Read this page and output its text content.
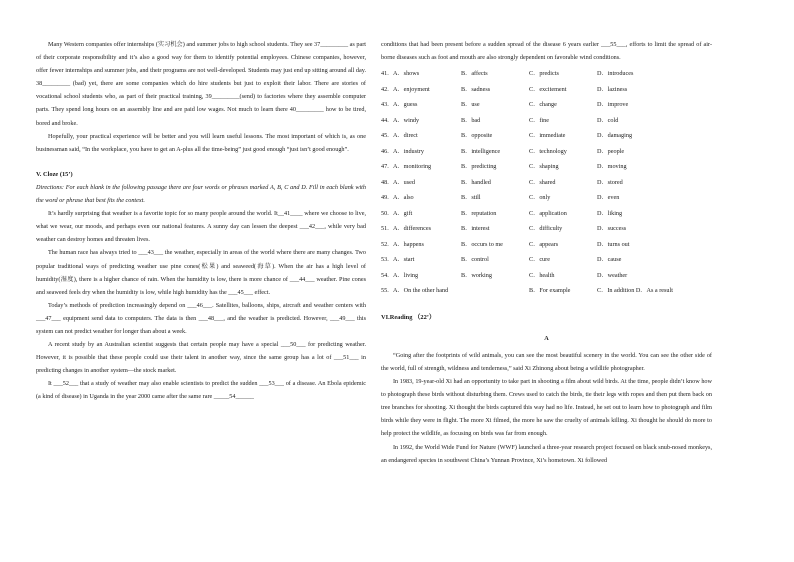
Many Western companies offer internships (实习机会) and summer jobs to high school students. They see 37_________ as part of their corporate responsibility and it’s also a good way for them to identify potential employees. Chinese companies, however, offer fewer internships and summer jobs, and their programs are not well-developed. Students may just end up sitting around all day. 38_________ (bad) yet, there are some companies which do hire students but just to exploit their labor. There are stories of vocational school students who, as part of their practical training, 39_________(send) to factories where they assemble computer parts. They spend long hours on an assembly line and are paid low wages. Not much to learn there 40_________ how to be tired, bored and broke.

Hopefully, your practical experience will be better and you will learn useful lessons. The most important of which is, as one businessman said, “In the workplace, you have to get an A-plus all the time-being” just good enough “just isn’t good enough”.

V. Cloze (15’)

Directions: For each blank in the following passage there are four words or phrases marked A, B, C and D. Fill in each blank with the word or phrase that best fits the context.

It’s hardly surprising that weather is a favorite topic for so many people around the world. It__41____ where we choose to live, what we wear, our moods, and perhaps even our national features. A sunny day can lessen the deepest ___42___, while very bad weather can destroy homes and threaten lives.

The human race has always tried to ___43___ the weather, especially in areas of the world where there are many changes. Two popular traditional ways of predicting weather use pine cones(松果) and seaweed(海草). When the air has a high level of humidity(湿度), there is a higher chance of rain. When the humidity is low, there is more chance of ___44___ weather. Pine cones and seaweed feels dry when the humidity is low, while high humidity has the ___45___ effect.

Today’s methods of prediction increasingly depend on ___46___. Satellites, balloons, ships, aircraft and weather centers with ___47___ equipment send data to computers. The data is then ___48___, and the weather is predicted. However, ___49___ this system can not predict weather for longer than about a week.

A recent study by an Australian scientist suggests that certain people may have a special ___50___ for predicting weather. However, it is possible that these people could use their talent in another way, since the same group has a lot of ___51___ in predicting changes in another system—the stock market.

It ___52___ that a study of weather may also enable scientists to predict the sudden ___53___ of a disease. An Ebola epidemic (a kind of disease) in Uganda in the year 2000 came after the same rare _____54______

conditions that had been present before a sudden spread of the disease 6 years earlier ___55___, efforts to limit the spread of air-borne diseases such as foot and mouth are also strongly dependent on favorable wind conditions.

41. A．shows	B．affects	C．predicts	D．introduces
42. A．enjoyment	B．sadness	C．excitement	D．laziness
43. A．guess	B．use	C．change	D．improve
44. A．windy	B．bad	C．fine	D．cold
45. A．direct	B．opposite	C．immediate	D．damaging
46. A．industry	B．intelligence	C．technology	D．people
47. A．monitoring	B．predicting	C．shaping	D．moving
48. A．used	B．handled	C．shared	D．stored
49. A．also	B．still	C．only	D．even
50. A．gift	B．reputation	C．application	D．liking
51. A．differences	B．interest	C．difficulty	D．success
52. A．happens	B．occurs to me	C．appears	D．turns out
53. A．start	B．control	C．cure	D．cause
54. A．living	B．working	C．health	D．weather
55. A．On the other hand	B．For example	C．In addition D．As a result

VI.Reading （22’）

A

“Going after the footprints of wild animals, you can see the most beautiful scenery in the world. You can see the other side of the world, full of strength, wildness and tenderness,” said Xi Zhinong about being a wildlife photographer.

In 1983, 19-year-old Xi had an opportunity to take part in shooting a film about wild birds. At the time, people didn’t know how to photograph these birds without disturbing them. Crews used to catch the birds, tie their legs with ropes and then put them back on tree branches for shooting. Xi thought the birds captured this way had no life. Instead, he set out to learn how to photograph and film birds while they were in flight. The more Xi filmed, the more he saw the cruelty of animals killing. Xi thought he should do more to help protect the wildlife, as focusing on birds was far from enough.

In 1992, the World Wide Fund for Nature (WWF) launched a three-year research project focused on black snub-nosed monkeys, an endangered species in southwest China’s Yunnan Province, Xi’s hometown. Xi followed
